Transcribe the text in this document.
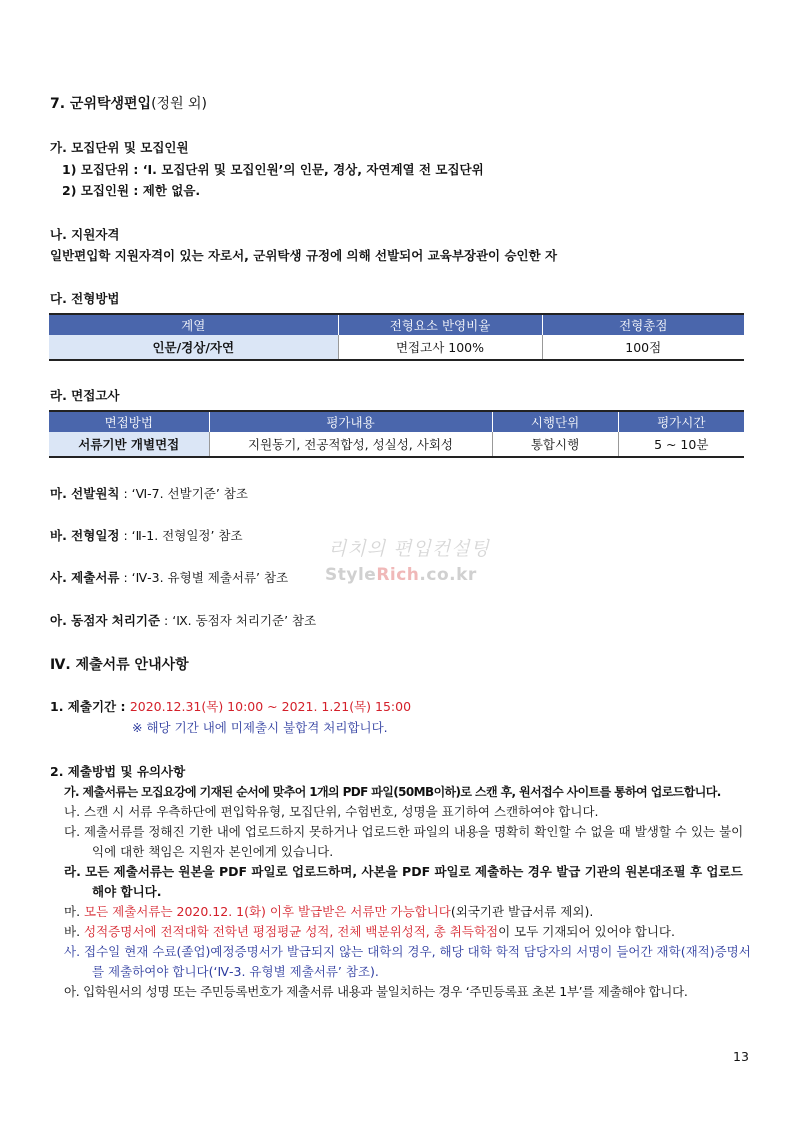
7. 군위탁생편입(정원 외)
가. 모집단위 및 모집인원
1) 모집단위 : ‘Ⅰ. 모집단위 및 모집인원’의 인문, 경상, 자연계열 전 모집단위
2) 모집인원 : 제한 없음.
나. 지원자격
일반편입학 지원자격이 있는 자로서, 군위탁생 규정에 의해 선발되어 교육부장관이 승인한 자
다. 전형방법
계열	전형요소 반영비율	전형총점
인문/경상/자연	면접고사 100%	100점
라. 면접고사
면접방법	평가내용	시행단위	평가시간
서류기반 개별면접	지원동기, 전공적합성, 성실성, 사회성	통합시행	5 ~ 10분
마. 선발원칙 : ‘Ⅵ-7. 선발기준’ 참조
바. 전형일정 : ‘Ⅱ-1. 전형일정’ 참조
사. 제출서류 : ‘Ⅳ-3. 유형별 제출서류’ 참조
아. 동점자 처리기준 : ‘Ⅸ. 동점자 처리기준’ 참조
리치의 편입컨설팅
StyleRich.co.kr
Ⅳ. 제출서류 안내사항
1. 제출기간 : 2020.12.31(목) 10:00 ~ 2021. 1.21(목) 15:00
※ 해당 기간 내에 미제출시 불합격 처리합니다.
2. 제출방법 및 유의사항
가. 제출서류는 모집요강에 기재된 순서에 맞추어 1개의 PDF 파일(50MB이하)로 스캔 후, 원서접수 사이트를 통하여 업로드합니다.
나. 스캔 시 서류 우측하단에 편입학유형, 모집단위, 수험번호, 성명을 표기하여 스캔하여야 합니다.
다. 제출서류를 정해진 기한 내에 업로드하지 못하거나 업로드한 파일의 내용을 명확히 확인할 수 없을 때 발생할 수 있는 불이익에 대한 책임은 지원자 본인에게 있습니다.
라. 모든 제출서류는 원본을 PDF 파일로 업로드하며, 사본을 PDF 파일로 제출하는 경우 발급 기관의 원본대조필 후 업로드해야 합니다.
마. 모든 제출서류는 2020.12. 1(화) 이후 발급받은 서류만 가능합니다(외국기관 발급서류 제외).
바. 성적증명서에 전적대학 전학년 평점평균 성적, 전체 백분위성적, 총 취득학점이 모두 기재되어 있어야 합니다.
사. 접수일 현재 수료(졸업)예정증명서가 발급되지 않는 대학의 경우, 해당 대학 학적 담당자의 서명이 들어간 재학(재적)증명서를 제출하여야 합니다(‘Ⅳ-3. 유형별 제출서류’ 참조).
아. 입학원서의 성명 또는 주민등록번호가 제출서류 내용과 불일치하는 경우 ‘주민등록표 초본 1부’를 제출해야 합니다.
13
